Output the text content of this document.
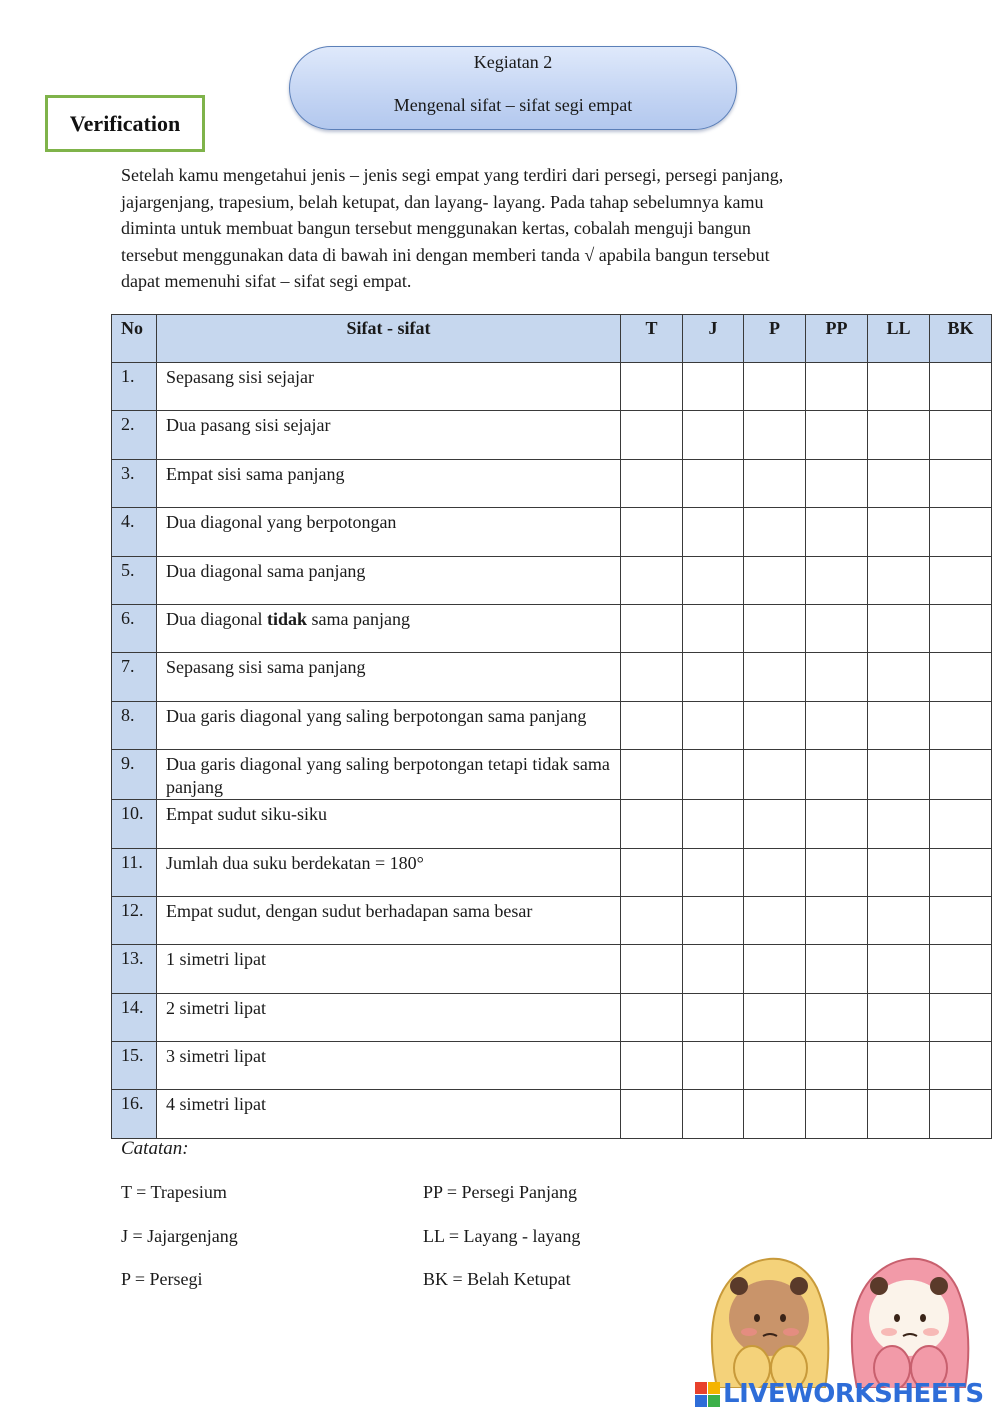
Verification
Kegiatan 2
Mengenal sifat – sifat segi empat
Setelah kamu mengetahui jenis – jenis segi empat yang terdiri dari persegi, persegi panjang,
jajargenjang, trapesium, belah ketupat, dan layang- layang. Pada tahap sebelumnya kamu
diminta untuk membuat bangun tersebut menggunakan kertas, cobalah menguji bangun
tersebut menggunakan data di bawah ini dengan memberi tanda √ apabila bangun tersebut
dapat memenuhi sifat – sifat segi empat.
No	Sifat - sifat	T	J	P	PP	LL	BK
1.	Sepasang sisi sejajar						
2.	Dua pasang sisi sejajar						
3.	Empat sisi sama panjang						
4.	Dua diagonal yang berpotongan						
5.	Dua diagonal sama panjang						
6.	Dua diagonal tidak sama panjang						
7.	Sepasang sisi sama panjang						
8.	Dua garis diagonal yang saling berpotongan sama panjang						
9.	Dua garis diagonal yang saling berpotongan tetapi tidak sama panjang						
10.	Empat sudut siku-siku						
11.	Jumlah dua suku berdekatan = 180°						
12.	Empat sudut, dengan sudut berhadapan sama besar						
13.	1 simetri lipat						
14.	2 simetri lipat						
15.	3 simetri lipat						
16.	4 simetri lipat						
Catatan:
T = Trapesium
J = Jajargenjang
P = Persegi
PP = Persegi Panjang
LL = Layang - layang
BK = Belah Ketupat
LIVEWORKSHEETS
